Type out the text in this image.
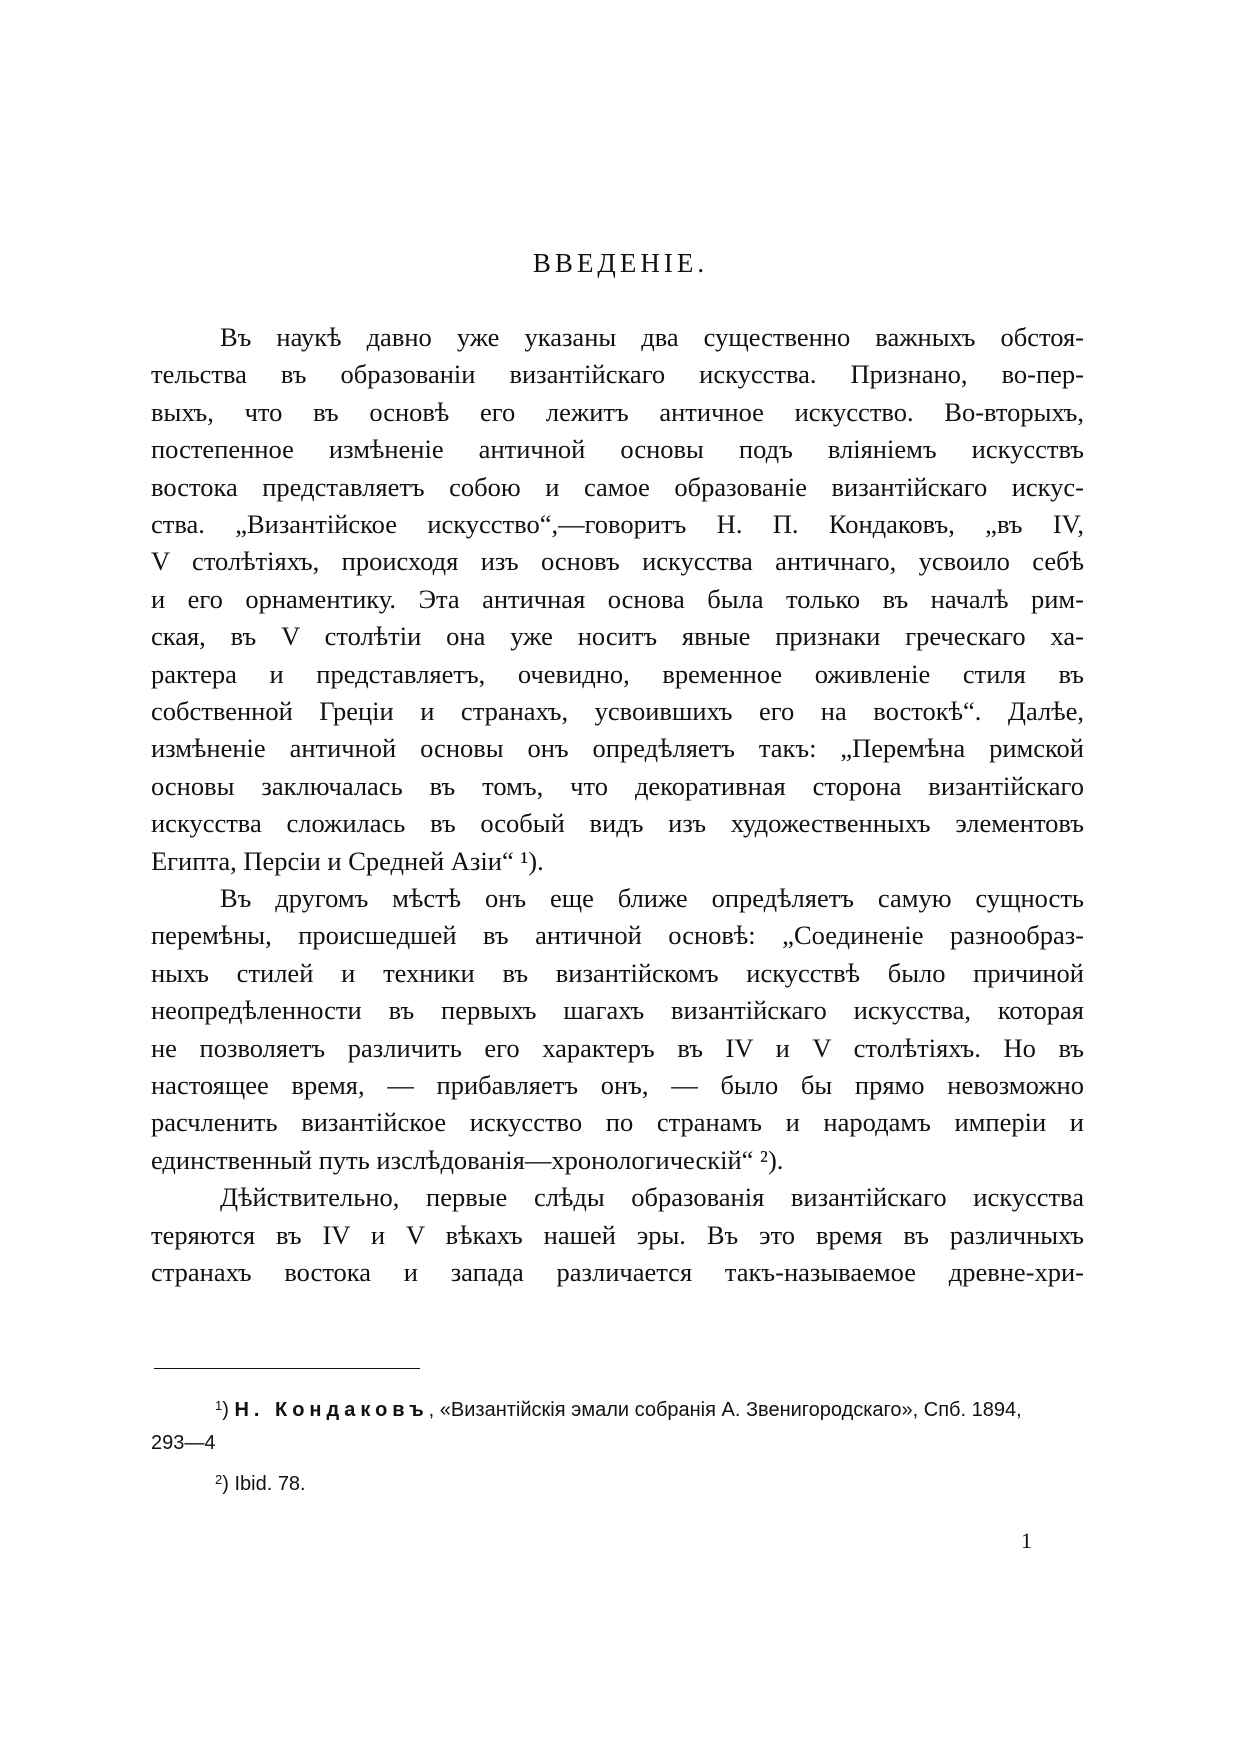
ВВЕДЕНІЕ.
Въ наукѣ давно уже указаны два существенно важныхъ обстоя-
тельства въ образованіи византійскаго искусства. Признано, во-пер-
выхъ, что въ основѣ его лежитъ античное искусство. Во-вторыхъ,
постепенное измѣненіе античной основы подъ вліяніемъ искусствъ
востока представляетъ собою и самое образованіе византійскаго искус-
ства. „Византійское искусство“,—говоритъ Н. П. Кондаковъ, „въ IV,
V столѣтіяхъ, происходя изъ основъ искусства античнаго, усвоило себѣ
и его орнаментику. Эта античная основа была только въ началѣ рим-
ская, въ V столѣтіи она уже носитъ явные признаки греческаго ха-
рактера и представляетъ, очевидно, временное оживленіе стиля въ
собственной Греціи и странахъ, усвоившихъ его на востокѣ“. Далѣе,
измѣненіе античной основы онъ опредѣляетъ такъ: „Перемѣна римской
основы заключалась въ томъ, что декоративная сторона византійскаго
искусства сложилась въ особый видъ изъ художественныхъ элементовъ
Египта, Персіи и Средней Азіи“ ¹).
Въ другомъ мѣстѣ онъ еще ближе опредѣляетъ самую сущность
перемѣны, происшедшей въ античной основѣ: „Соединеніе разнообраз-
ныхъ стилей и техники въ византійскомъ искусствѣ было причиной
неопредѣленности въ первыхъ шагахъ византійскаго искусства, которая
не позволяетъ различить его характеръ въ IV и V столѣтіяхъ. Но въ
настоящее время, — прибавляетъ онъ, — было бы прямо невозможно
расчленить византійское искусство по странамъ и народамъ имперіи и
единственный путь изслѣдованія—хронологическій“ ²).
Дѣйствительно, первые слѣды образованія византійскаго искусства
теряются въ IV и V вѣкахъ нашей эры. Въ это время въ различныхъ
странахъ востока и запада различается такъ-называемое древне-хри-
$^1$) Н. Кондаковъ, «Византійскія эмали собранія А. Звенигородскаго», Спб. 1894,
293—4
$^2$) Ibid. 78.
1
